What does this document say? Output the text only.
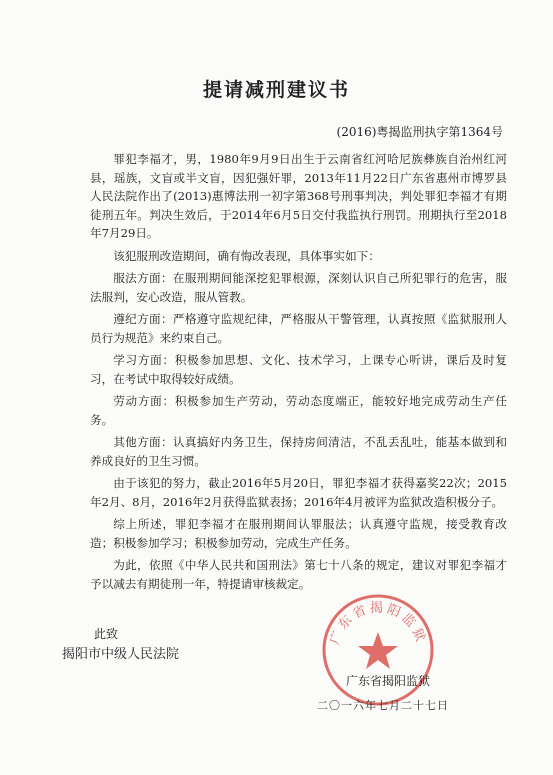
提请减刑建议书
(2016)粤揭监刑执字第1364号

罪犯李福才，男，1980年9月9日出生于云南省红河哈尼族彝族自治州红河县，瑶族，文盲或半文盲，因犯强奸罪，2013年11月22日广东省惠州市博罗县人民法院作出了(2013)惠博法刑一初字第368号刑事判决，判处罪犯李福才有期徒刑五年。判决生效后，于2014年6月5日交付我监执行刑罚。刑期执行至2018年7月29日。

该犯服刑改造期间，确有悔改表现，具体事实如下：

服法方面：在服刑期间能深挖犯罪根源，深刻认识自己所犯罪行的危害，服法服判，安心改造，服从管教。

遵纪方面：严格遵守监规纪律，严格服从干警管理，认真按照《监狱服刑人员行为规范》来约束自己。

学习方面：积极参加思想、文化、技术学习，上课专心听讲，课后及时复习，在考试中取得较好成绩。

劳动方面：积极参加生产劳动，劳动态度端正，能较好地完成劳动生产任务。

其他方面：认真搞好内务卫生，保持房间清洁，不乱丢乱吐，能基本做到和养成良好的卫生习惯。

由于该犯的努力，截止2016年5月20日，罪犯李福才获得嘉奖22次；2015年2月、8月，2016年2月获得监狱表扬；2016年4月被评为监狱改造积极分子。

综上所述，罪犯李福才在服刑期间认罪服法；认真遵守监规，接受教育改造；积极参加学习；积极参加劳动，完成生产任务。

为此，依照《中华人民共和国刑法》第七十八条的规定，建议对罪犯李福才予以减去有期徒刑一年，特提请审核裁定。

此致
揭阳市中级人民法院
广东省揭阳监狱
广东省揭阳监狱
二〇一六年七月二十七日
